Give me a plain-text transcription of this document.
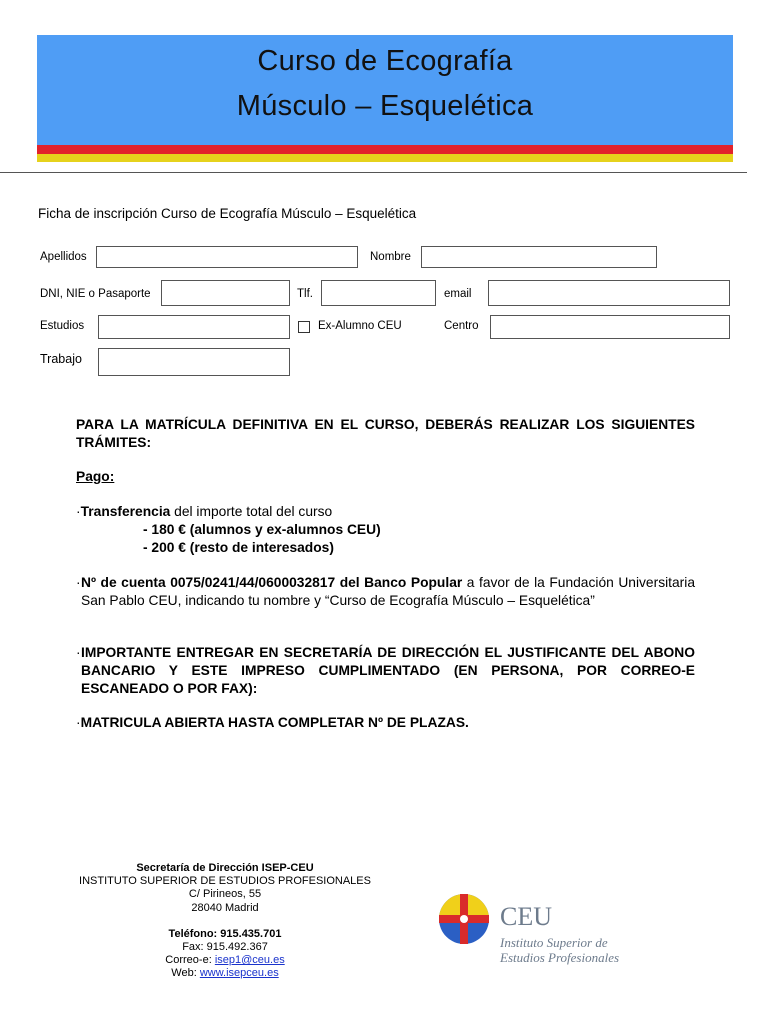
Curso de Ecografía
Músculo – Esquelética
Ficha de inscripción Curso de Ecografía Músculo – Esquelética
Apellidos	Nombre
DNI, NIE o Pasaporte	Tlf.	email
Estudios	Ex-Alumno CEU	Centro
Trabajo
PARA LA MATRÍCULA DEFINITIVA EN EL CURSO, DEBERÁS REALIZAR LOS SIGUIENTES TRÁMITES:
Pago:
·Transferencia del importe total del curso
- 180 € (alumnos y ex-alumnos CEU)
- 200 € (resto de interesados)
· Nº de cuenta 0075/0241/44/0600032817 del Banco Popular a favor de la Fundación Universitaria San Pablo CEU, indicando tu nombre y “Curso de Ecografía Músculo – Esquelética”
· IMPORTANTE ENTREGAR EN SECRETARÍA DE DIRECCIÓN EL JUSTIFICANTE DEL ABONO BANCARIO Y ESTE IMPRESO CUMPLIMENTADO (EN PERSONA, POR CORREO-E ESCANEADO O POR FAX):
·MATRICULA ABIERTA HASTA COMPLETAR Nº DE PLAZAS.
Secretaría de Dirección ISEP-CEU
INSTITUTO SUPERIOR DE ESTUDIOS PROFESIONALES
C/ Pirineos, 55
28040 Madrid
Teléfono: 915.435.701
Fax: 915.492.367
Correo-e: isep1@ceu.es
Web: www.isepceu.es
CEU
Instituto Superior de
Estudios Profesionales
